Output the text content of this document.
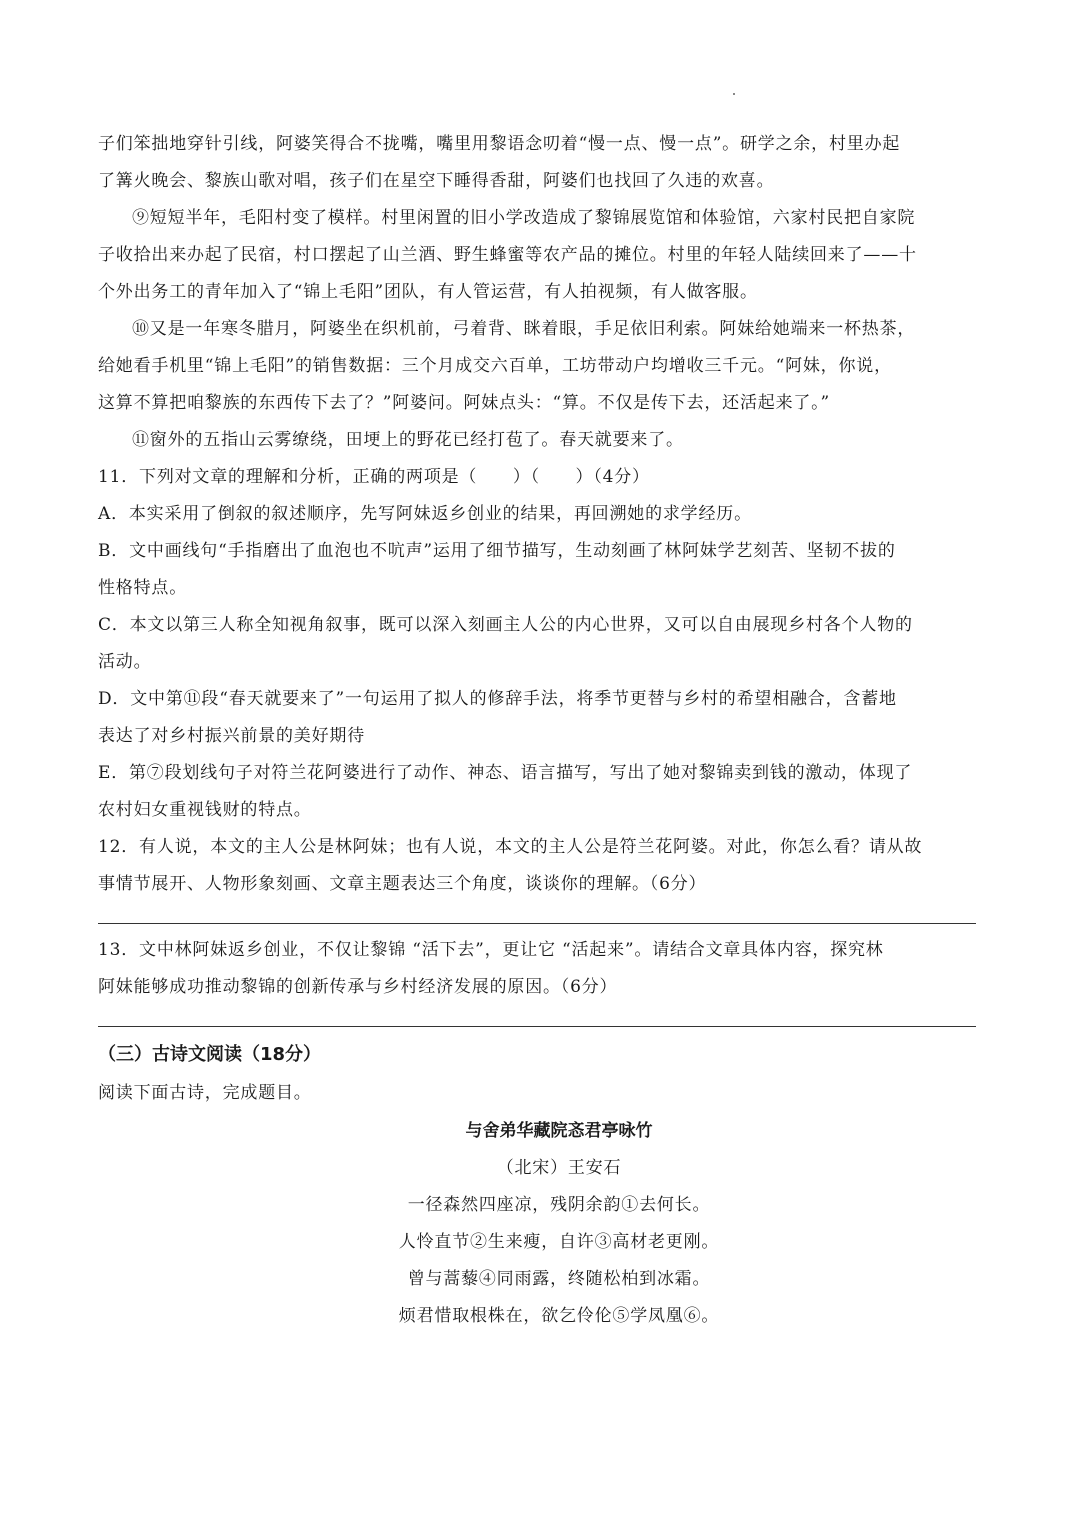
子们笨拙地穿针引线，阿婆笑得合不拢嘴，嘴里用黎语念叨着“慢一点、慢一点”。研学之余，村里办起
了篝火晚会、黎族山歌对唱，孩子们在星空下睡得香甜，阿婆们也找回了久违的欢喜。
⑨短短半年，毛阳村变了模样。村里闲置的旧小学改造成了黎锦展览馆和体验馆，六家村民把自家院
子收拾出来办起了民宿，村口摆起了山兰酒、野生蜂蜜等农产品的摊位。村里的年轻人陆续回来了——十
个外出务工的青年加入了“锦上毛阳”团队，有人管运营，有人拍视频，有人做客服。
⑩又是一年寒冬腊月，阿婆坐在织机前，弓着背、眯着眼，手足依旧利索。阿妹给她端来一杯热茶，
给她看手机里“锦上毛阳”的销售数据：三个月成交六百单，工坊带动户均增收三千元。“阿妹，你说，
这算不算把咱黎族的东西传下去了？”阿婆问。阿妹点头：“算。不仅是传下去，还活起来了。”
⑪窗外的五指山云雾缭绕，田埂上的野花已经打苞了。春天就要来了。
11．下列对文章的理解和分析，正确的两项是（　　）（　　）（4分）
A．本实采用了倒叙的叙述顺序，先写阿妹返乡创业的结果，再回溯她的求学经历。
B．文中画线句“手指磨出了血泡也不吭声”运用了细节描写，生动刻画了林阿妹学艺刻苦、坚韧不拔的
性格特点。
C．本文以第三人称全知视角叙事，既可以深入刻画主人公的内心世界，又可以自由展现乡村各个人物的
活动。
D．文中第⑪段“春天就要来了”一句运用了拟人的修辞手法，将季节更替与乡村的希望相融合，含蓄地
表达了对乡村振兴前景的美好期待
E．第⑦段划线句子对符兰花阿婆进行了动作、神态、语言描写，写出了她对黎锦卖到钱的激动，体现了
农村妇女重视钱财的特点。
12．有人说，本文的主人公是林阿妹；也有人说，本文的主人公是符兰花阿婆。对此，你怎么看？请从故
事情节展开、人物形象刻画、文章主题表达三个角度，谈谈你的理解。（6分）
13．文中林阿妹返乡创业，不仅让黎锦 “活下去”，更让它 “活起来”。请结合文章具体内容，探究林
阿妹能够成功推动黎锦的创新传承与乡村经济发展的原因。（6分）
（三）古诗文阅读（18分）
阅读下面古诗，完成题目。
与舍弟华藏院忞君亭咏竹
（北宋）王安石
一径森然四座凉，残阴余韵①去何长。
人怜直节②生来瘦，自许③高材老更刚。
曾与蒿藜④同雨露，终随松柏到冰霜。
烦君惜取根株在，欲乞伶伦⑤学凤凰⑥。
